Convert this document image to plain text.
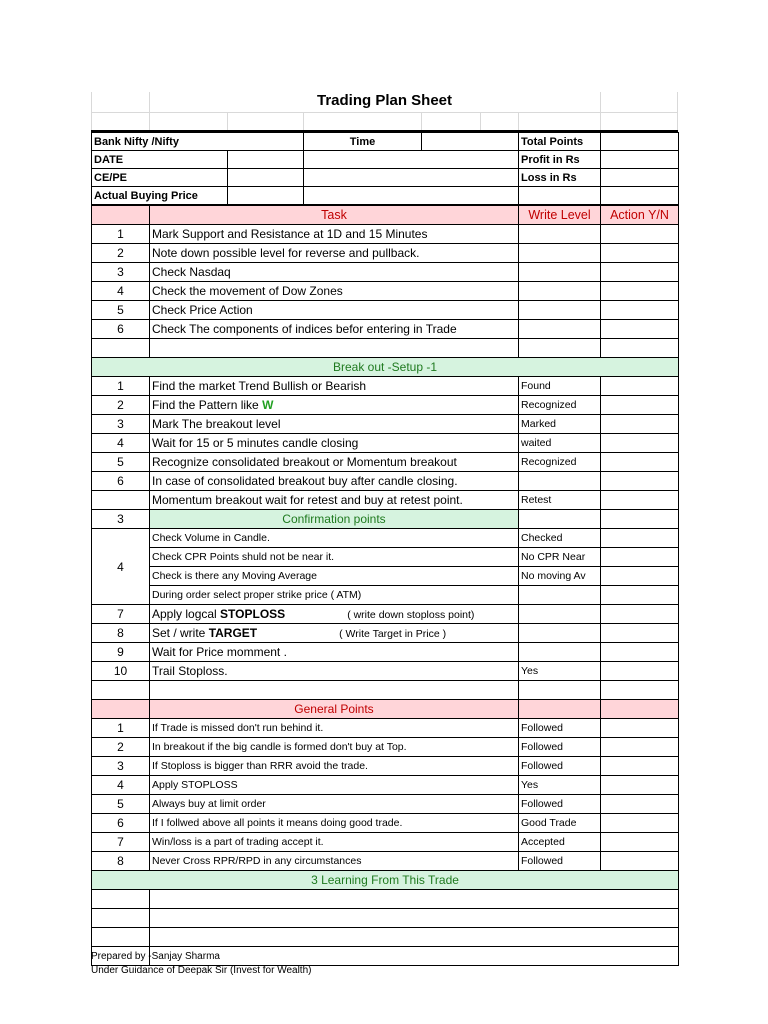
Trading Plan Sheet
Bank Nifty /Nifty		Time		Total Points	
DATE				Profit in Rs	
CE/PE				Loss in Rs	
Actual Buying Price					
	Task	Write Level	Action Y/N
1	Mark Support and Resistance at 1D and 15 Minutes		
2	Note down possible level for reverse and pullback.		
3	Check Nasdaq		
4	Check the movement of Dow Zones		
5	Check Price Action		
6	Check The components of indices befor entering in Trade		

Break out -Setup -1			
1	Find the market Trend Bullish or Bearish	Found	
2	Find the Pattern like W	Recognized	
3	Mark The breakout level	Marked	
4	Wait for 15 or 5 minutes candle closing	waited	
5	Recognize consolidated breakout or Momentum breakout	Recognized	
6	In case of consolidated breakout buy after candle closing.		
	Momentum breakout wait for retest and buy at retest point.	Retest	
3	Confirmation points		
4	Check Volume in Candle.	Checked	
	Check CPR Points shuld not be near it.	No CPR Near	
	Check is there any Moving Average	No moving Av	
	During order select proper strike price ( ATM)		
7	Apply logcal STOPLOSS ( write down stoploss point)		
8	Set / write TARGET ( Write Target in Price )		
9	Wait for Price momment .		
10	Trail Stoploss.	Yes	

	General Points		
1	If Trade is missed don't run behind it.	Followed	
2	In breakout if the big candle is formed don't buy at Top.	Followed	
3	If Stoploss is bigger than RRR avoid the trade.	Followed	
4	Apply STOPLOSS	Yes	
5	Always buy at limit order	Followed	
6	If I follwed above all points it means doing good trade.	Good Trade	
7	Win/loss is a part of trading accept it.	Accepted	
8	Never Cross RPR/RPD in any circumstances	Followed	
3 Learning From This Trade			

Prepared by -Sanjay Sharma
Under Guidance of Deepak Sir (Invest for Wealth)
